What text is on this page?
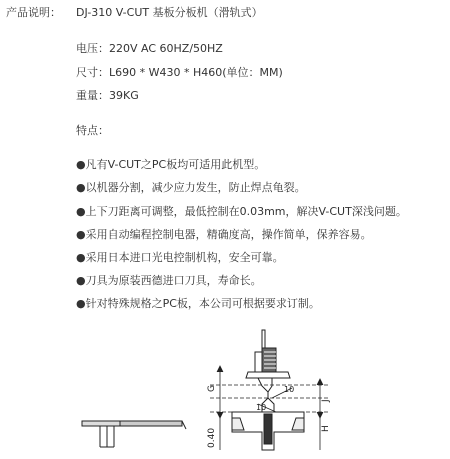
产品说明： DJ-310 V-CUT 基板分板机（滑轨式）
电压：220V AC 60HZ/50HZ
尺寸：L690 * W430 * H460(单位：MM)
重量：39KG
特点：
●凡有V-CUT之PC板均可适用此机型。
●以机器分割，减少应力发生，防止焊点龟裂。
●上下刀距离可调整，最低控制在0.03mm，解决V-CUT深浅问题。
●采用自动编程控制电器，精确度高，操作简单，保养容易。
●采用日本进口光电控制机构，安全可靠。
●刀具为原装西德进口刀具，寿命长。
●针对特殊规格之PC板，本公司可根据要求订制。
G
0.40
J
H
10
10
